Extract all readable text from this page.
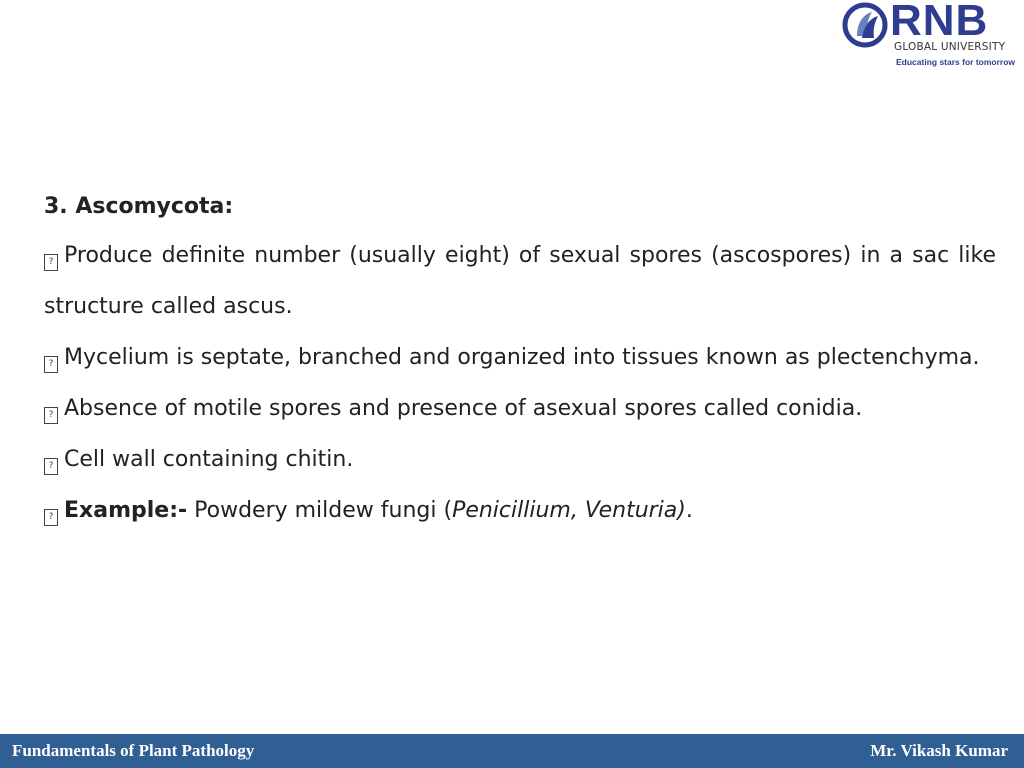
RNB
GLOBAL UNIVERSITY
Educating stars for tomorrow

3. Ascomycota:

? Produce definite number (usually eight) of sexual spores (ascospores) in a sac like structure called ascus.

? Mycelium is septate, branched and organized into tissues known as plectenchyma.

? Absence of motile spores and presence of asexual spores called conidia.

? Cell wall containing chitin.

? Example:- Powdery mildew fungi (Penicillium, Venturia).

Fundamentals of Plant Pathology	Mr. Vikash Kumar
